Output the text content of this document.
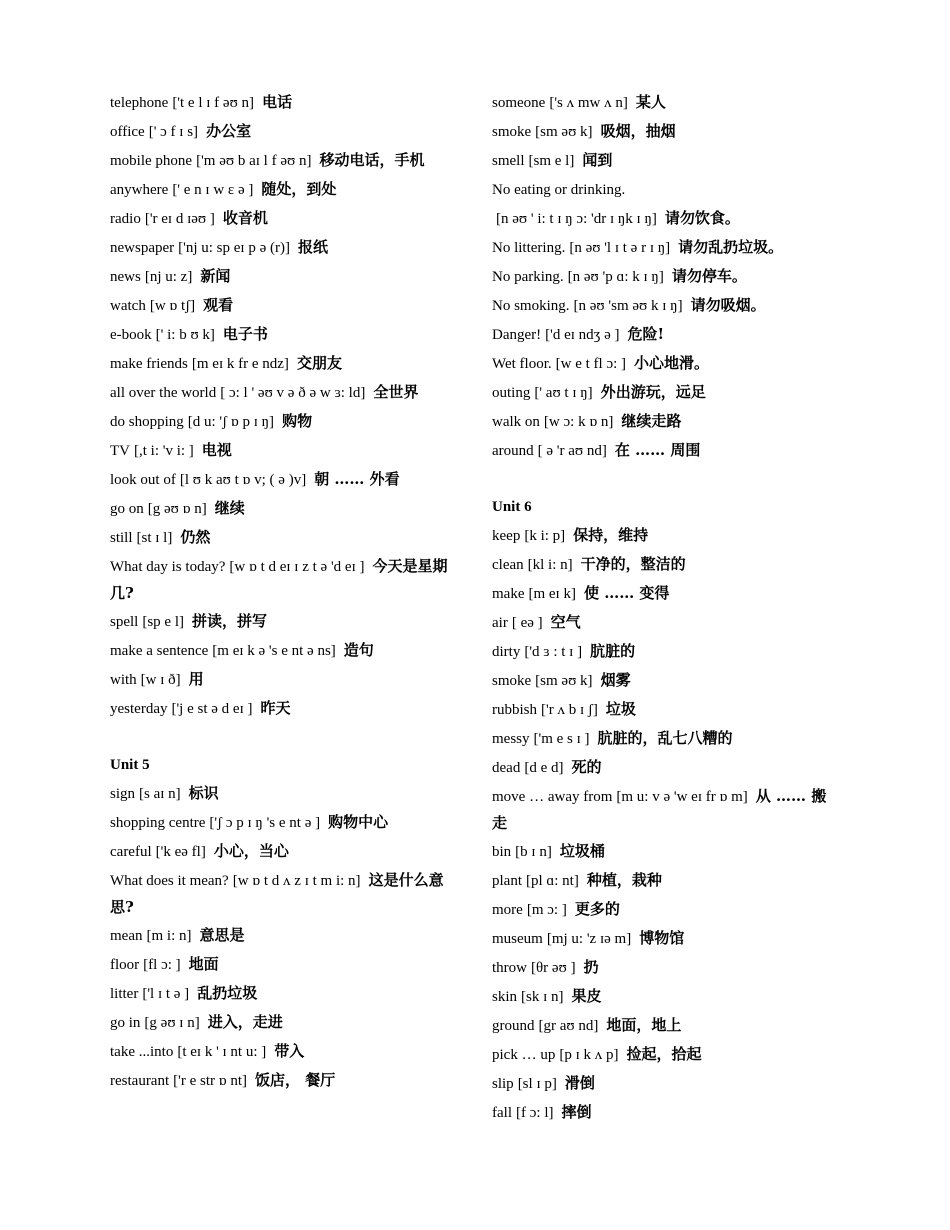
telephone ['t e l ɪ f əʊ n] 电话
office [' ɔ f ɪ s] 办公室
mobile phone ['m əʊ b aɪ l f əʊ n] 移动电话，手机
anywhere [' e n ɪ w ɛ ə ] 随处，到处
radio ['r eɪ d ɪəʊ ] 收音机
newspaper ['nj u: sp eɪ p ə (r)] 报纸
news [nj u: z] 新闻
watch [w ɒ tʃ] 观看
e-book [' i: b ʊ k] 电子书
make friends [m eɪ k fr e ndz] 交朋友
all over the world [ ɔ: l ' əʊ v ə ð ə w ɜ: ld] 全世界
do shopping [d u: 'ʃ ɒ p ɪ ŋ] 购物
TV [,t i: 'v i: ] 电视
look out of [l ʊ k aʊ t ɒ v; ( ə )v] 朝 …… 外看
go on [g əʊ ɒ n] 继续
still [st ɪ l] 仍然
What day is today? [w ɒ t d eɪ ɪ z t ə 'd eɪ ] 今天是星期几?
spell [sp e l] 拼读，拼写
make a sentence [m eɪ k ə 's e nt ə ns] 造句
with [w ɪ ð] 用
yesterday ['j e st ə d eɪ ] 昨天
Unit 5
sign [s aɪ n] 标识
shopping centre ['ʃ ɔ p ɪ ŋ 's e nt ə ] 购物中心
careful ['k eə fl] 小心，当心
What does it mean? [w ɒ t d ʌ z ɪ t m i: n] 这是什么意思?
mean [m i: n] 意思是
floor [fl ɔ: ] 地面
litter ['l ɪ t ə ] 乱扔垃圾
go in [g əʊ ɪ n] 进入，走进
take ...into [t eɪ k ' ɪ nt u: ] 带入
restaurant ['r e str ɒ nt] 饭店， 餐厅
someone ['s ʌ mw ʌ n] 某人
smoke [sm əʊ k] 吸烟，抽烟
smell [sm e l] 闻到
No eating or drinking.
[n əʊ ' i: t ɪ ŋ ɔ: 'dr ɪ ŋk ɪ ŋ] 请勿饮食。
No littering. [n əʊ 'l ɪ t ə r ɪ ŋ] 请勿乱扔垃圾。
No parking. [n əʊ 'p ɑ: k ɪ ŋ] 请勿停车。
No smoking. [n əʊ 'sm əʊ k ɪ ŋ] 请勿吸烟。
Danger! ['d eɪ ndʒ ə ] 危险!
Wet floor. [w e t fl ɔ: ] 小心地滑。
outing [' aʊ t ɪ ŋ] 外出游玩，远足
walk on [w ɔ: k ɒ n] 继续走路
around [ ə 'r aʊ nd] 在 …… 周围
Unit 6
keep [k i: p] 保持，维持
clean [kl i: n] 干净的，整洁的
make [m eɪ k] 使 …… 变得
air [ eə ] 空气
dirty ['d ɜ : t ɪ ] 肮脏的
smoke [sm əʊ k] 烟雾
rubbish ['r ʌ b ɪ ʃ] 垃圾
messy ['m e s ɪ ] 肮脏的，乱七八糟的
dead [d e d] 死的
move … away from [m u: v ə 'w eɪ fr ɒ m] 从 …… 搬走
bin [b ɪ n] 垃圾桶
plant [pl ɑ: nt] 种植，栽种
more [m ɔ: ] 更多的
museum [mj u: 'z ɪə m] 博物馆
throw [θr əʊ ] 扔
skin [sk ɪ n] 果皮
ground [gr aʊ nd] 地面，地上
pick … up [p ɪ k ʌ p] 捡起，拾起
slip [sl ɪ p] 滑倒
fall [f ɔ: l] 摔倒
